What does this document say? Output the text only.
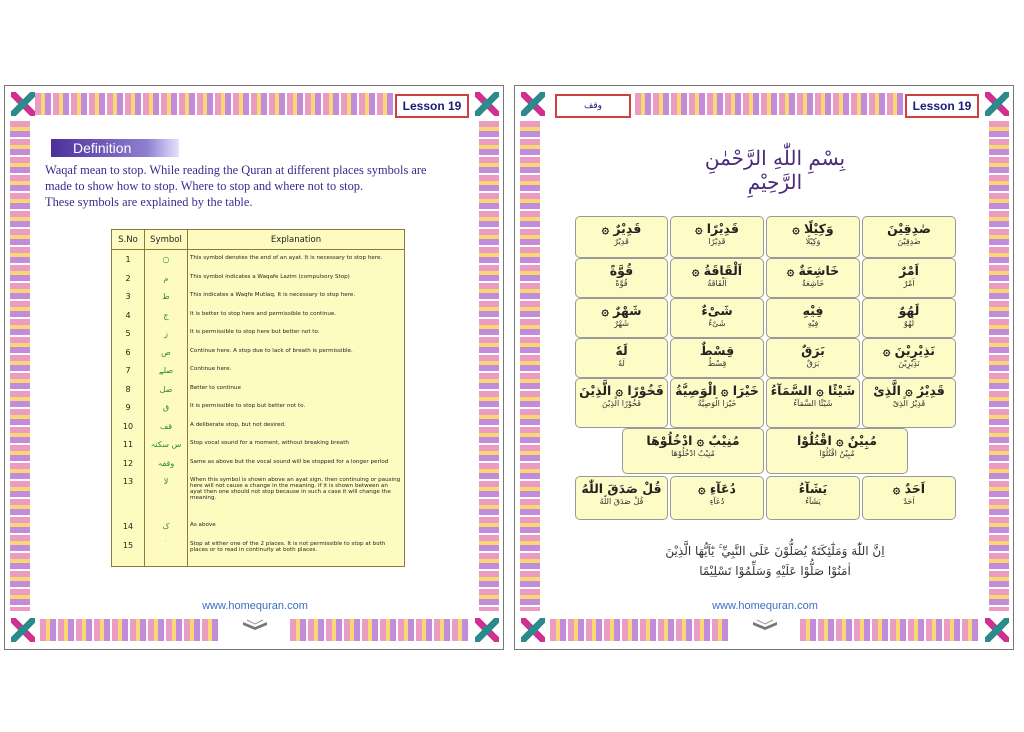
Lesson 19
Definition

Waqaf mean to stop. While reading the Quran at different places symbols are

made to show how to stop. Where to stop and where not to stop.

These symbols are explained by the table.

S.No	Symbol	Explanation
1	○	This symbol denotes the end of an ayat. It is necessary to stop here.
2	م	This symbol indicates a Waqafe Lazim (compulsory Stop)
3	ط	This indicates a Waqfe Mutlaq. It is necessary to stop here.
4	ج	It is better to stop here and permissible to continue.
5	ز	It is permissible to stop here but better not to.
6	ص	Continue here. A stop due to lack of breath is permissible.
7	صلے	Continue here.
8	صل	Better to continue
9	ق	It is permissible to stop but better not to.
10	قف	A deliberate stop, but not desired.
11	س سکتہ	Stop vocal sound for a moment, without breaking breath
12	وقفہ	Same as above but the vocal sound will be stopped for a longer period
13	لا	When this symbol is shown above an ayat sign, then continuing or pausing here will not cause a change in the meaning. If it is shown between an ayat then one should not stop because in such a case it will change the meaning.
14	ک	As above
15	ۛ ۛ	Stop at either one of the 2 places. It is not permissible to stop at both places or to read in continuity at both places.
www.homequran.com
وقف	Lesson 19
بِسْمِ اللّٰهِ الرَّحْمٰنِ الرَّحِيْمِ
صٰدِقِيْنَ
صٰدِقِيْنَ
وَكِيْلًا ۞
وَكِيْلًا
قَدِيْرًا ۞
قَدِيْرًا
قَدِيْرٌ ۞
قَدِيْرٌ
اَمْرٌ
اَمْرٌ
خَاشِعَةٌ ۞
خَاشِعَةٌ
اَلْقَاقَةُ ۞
اَلْقَاقَةُ
قُوَّةً
قُوَّةً
لَهُوٌ
لَهُوٌ
فِيْهِ
فِيْهِ
شَیْءٌ
شَیْءٌ
شَهْرٌ ۞
شَهْرٌ
نَذِيْرِيْنَ ۞
نَذِيْرِيْنَ
بَرَقٌ
بَرَقٌ
قِسْطٌ
قِسْطٌ
لَهٗ
لَهٗ
قَدِيْرُ ۞ الَّذِیْ
قَدِيْرُ الَّذِیْ
شَيْئًا ۞ السَّمَآءُ
شَيْئًا السَّمَآءُ
خَيْرَا ۞ الْوَصِيَّةُ
خَيْرَا الْوَصِيَّةُ
فَخُوْرًا ۞ الَّذِيْنَ
فَخُوْرًا الَّذِيْنَ
مُبِيْنٌ ۞ اقْتُلُوْا
مُبِيْنٌ اقْتُلُوْا
مُنِيْبٌ ۞ ادْخُلُوْهَا
مُنِيْبٌ ادْخُلُوْهَا
اَحَدٌ ۞
اَحَدٌ
يَشَآءُ
يَشَآءُ
دُعَآءِ ۞
دُعَآءِ
قُلْ صَدَقَ اللّٰهُ
قُلْ صَدَقَ اللّٰهُ
اِنَّ اللّٰهَ وَمَلٰٓئِكَتَهٗ يُصَلُّوْنَ عَلَى النَّبِيِّ ۚ يٰٓاَيُّهَا الَّذِيْنَ
اٰمَنُوْا صَلُّوْا عَلَيْهِ وَسَلِّمُوْا تَسْلِيْمًا
www.homequran.com
